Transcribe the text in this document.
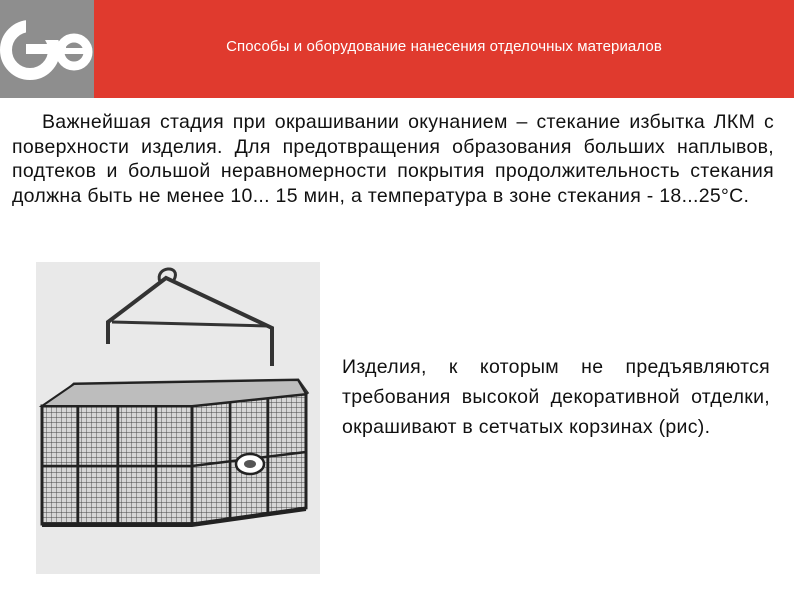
Способы и оборудование нанесения отделочных материалов
Важнейшая стадия при окрашивании окунанием – стекание избытка ЛКМ с поверхности изделия. Для предотвращения образования больших наплывов, подтеков и большой неравномерности покрытия продолжительность стекания должна быть не менее 10... 15 мин, а температура в зоне стекания - 18...25°С.
Изделия, к которым не предъявляются требования высокой декоративной отделки, окрашивают в сетчатых корзинах (рис).
